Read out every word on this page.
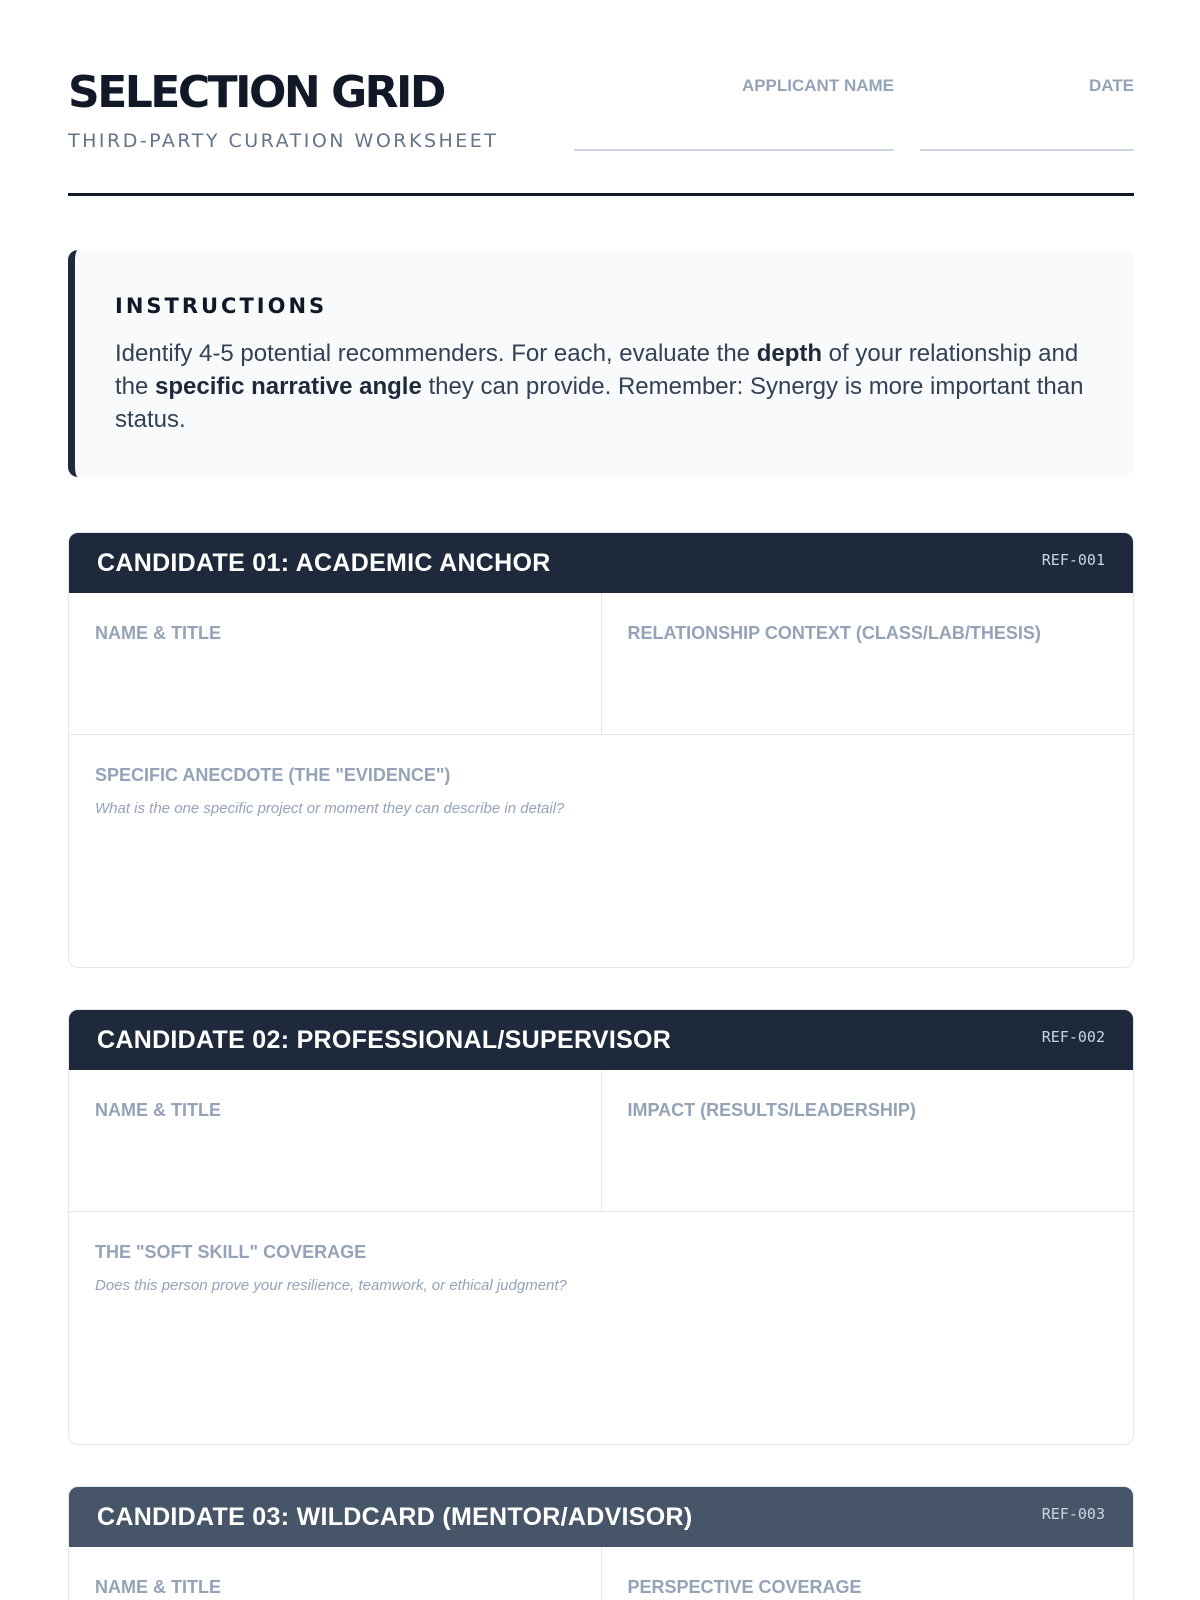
SELECTION GRID
THIRD-PARTY CURATION WORKSHEET
APPLICANT NAME	DATE
INSTRUCTIONS
Identify 4-5 potential recommenders. For each, evaluate the depth of your relationship and the specific narrative angle they can provide. Remember: Synergy is more important than status.
CANDIDATE 01: ACADEMIC ANCHOR	REF-001
NAME & TITLE	RELATIONSHIP CONTEXT (CLASS/LAB/THESIS)
SPECIFIC ANECDOTE (THE "EVIDENCE")
What is the one specific project or moment they can describe in detail?
CANDIDATE 02: PROFESSIONAL/SUPERVISOR	REF-002
NAME & TITLE	IMPACT (RESULTS/LEADERSHIP)
THE "SOFT SKILL" COVERAGE
Does this person prove your resilience, teamwork, or ethical judgment?
CANDIDATE 03: WILDCARD (MENTOR/ADVISOR)	REF-003
NAME & TITLE	PERSPECTIVE COVERAGE
